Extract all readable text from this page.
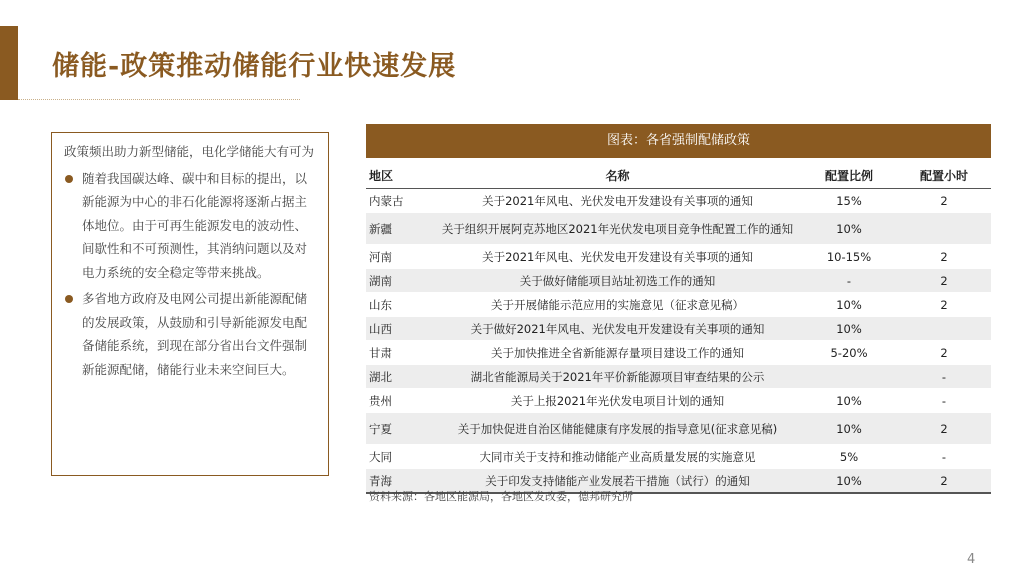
储能-政策推动储能行业快速发展

政策频出助力新型储能，电化学储能大有可为

随着我国碳达峰、碳中和目标的提出，以新能源为中心的非石化能源将逐渐占据主体地位。由于可再生能源发电的波动性、间歇性和不可预测性，其消纳问题以及对电力系统的安全稳定等带来挑战。

多省地方政府及电网公司提出新能源配储的发展政策，从鼓励和引导新能源发电配备储能系统，到现在部分省出台文件强制新能源配储，储能行业未来空间巨大。

图表：各省强制配储政策
地区	名称	配置比例	配置小时
内蒙古	关于2021年风电、光伏发电开发建设有关事项的通知	15%	2
新疆	关于组织开展阿克苏地区2021年光伏发电项目竞争性配置工作的通知	10%	
河南	关于2021年风电、光伏发电开发建设有关事项的通知	10-15%	2
湖南	关于做好储能项目站址初选工作的通知	-	2
山东	关于开展储能示范应用的实施意见（征求意见稿）	10%	2
山西	关于做好2021年风电、光伏发电开发建设有关事项的通知	10%	
甘肃	关于加快推进全省新能源存量项目建设工作的通知	5-20%	2
湖北	湖北省能源局关于2021年平价新能源项目审查结果的公示		-
贵州	关于上报2021年光伏发电项目计划的通知	10%	-
宁夏	关于加快促进自治区储能健康有序发展的指导意见(征求意见稿)	10%	2
大同	大同市关于支持和推动储能产业高质量发展的实施意见	5%	-
青海	关于印发支持储能产业发展若干措施（试行）的通知	10%	2
资料来源：各地区能源局，各地区发改委，德邦研究所
4
